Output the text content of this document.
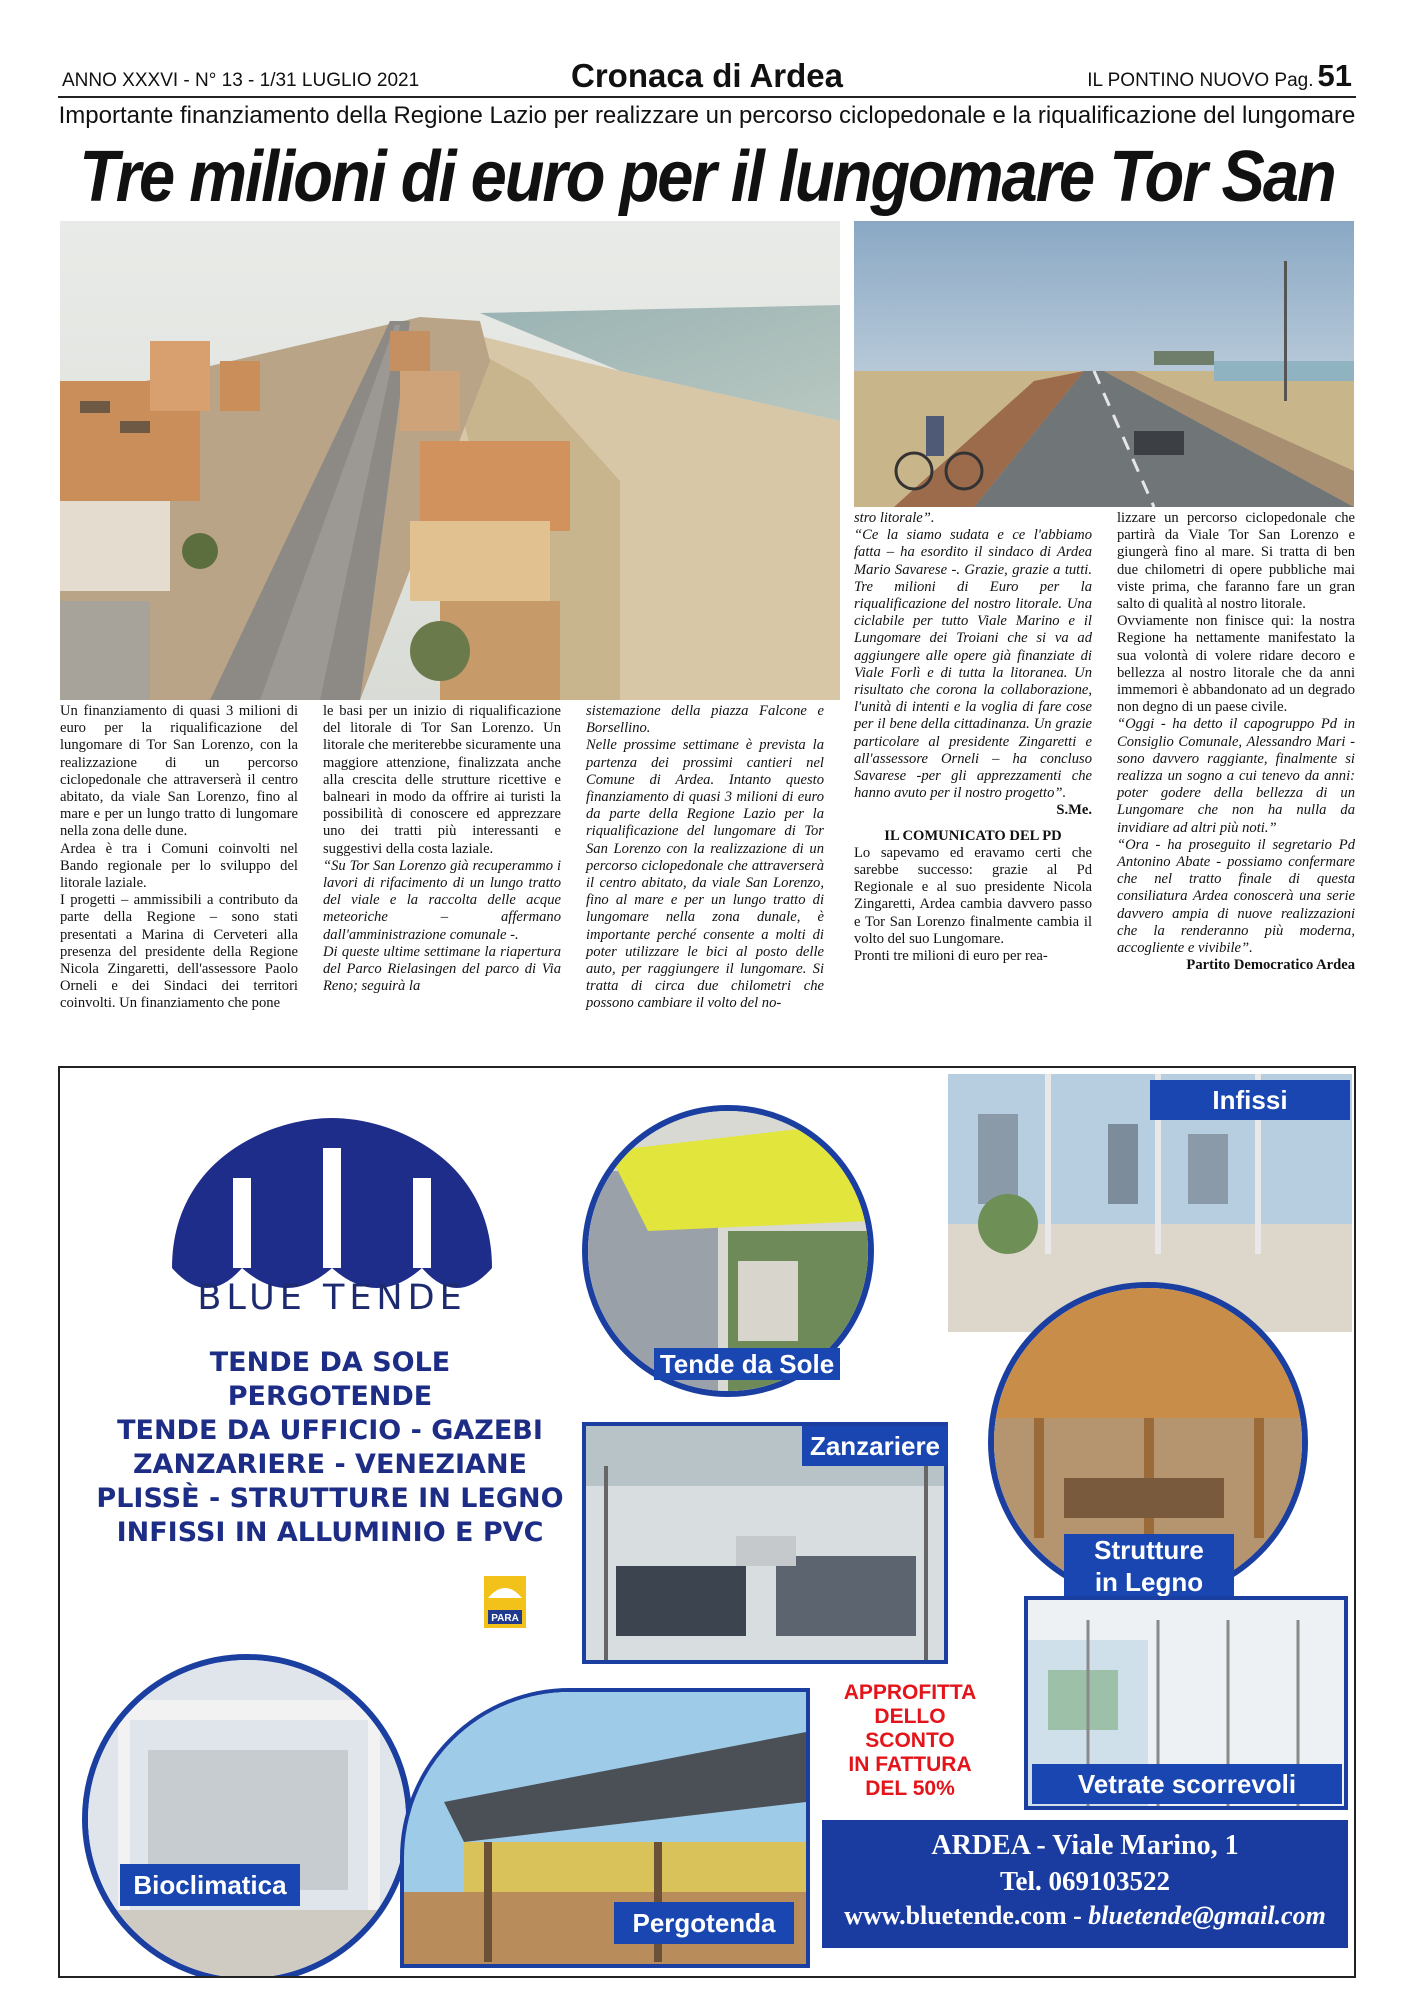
ANNO XXXVI - N° 13 - 1/31 LUGLIO 2021	Cronaca di Ardea	IL PONTINO NUOVO Pag. 51
Importante finanziamento della Regione Lazio per realizzare un percorso ciclopedonale e la riqualificazione del lungomare
Tre milioni di euro per il lungomare Tor San

Un finanziamento di quasi 3 milioni di euro per la riqualificazione del lungomare di Tor San Lorenzo, con la realizzazione di un percorso ciclopedonale che attraverserà il centro abitato, da viale San Lorenzo, fino al mare e per un lungo tratto di lungomare nella zona delle dune.

Ardea è tra i Comuni coinvolti nel Bando regionale per lo sviluppo del litorale laziale.

I progetti – ammissibili a contributo da parte della Regione – sono stati presentati a Marina di Cerveteri alla presenza del presidente della Regione Nicola Zingaretti, dell'assessore Paolo Orneli e dei Sindaci dei territori coinvolti. Un finanziamento che pone

le basi per un inizio di riqualificazione del litorale di Tor San Lorenzo. Un litorale che meriterebbe sicuramente una maggiore attenzione, finalizzata anche alla crescita delle strutture ricettive e balneari in modo da offrire ai turisti la possibilità di conoscere ed apprezzare uno dei tratti più interessanti e suggestivi della costa laziale.

“Su Tor San Lorenzo già recuperammo i lavori di rifacimento di un lungo tratto del viale e la raccolta delle acque meteoriche – affermano dall'amministrazione comunale -.

Di queste ultime settimane la riapertura del Parco Rielasingen del parco di Via Reno; seguirà la

sistemazione della piazza Falcone e Borsellino.

Nelle prossime settimane è prevista la partenza dei prossimi cantieri nel Comune di Ardea. Intanto questo finanziamento di quasi 3 milioni di euro da parte della Regione Lazio per la riqualificazione del lungomare di Tor San Lorenzo con la realizzazione di un percorso ciclopedonale che attraverserà il centro abitato, da viale San Lorenzo, fino al mare e per un lungo tratto di lungomare nella zona dunale, è importante perché consente a molti di poter utilizzare le bici al posto delle auto, per raggiungere il lungomare. Si tratta di circa due chilometri che possono cambiare il volto del no-

stro litorale”.

“Ce la siamo sudata e ce l'abbiamo fatta – ha esordito il sindaco di Ardea Mario Savarese -. Grazie, grazie a tutti. Tre milioni di Euro per la riqualificazione del nostro litorale. Una ciclabile per tutto Viale Marino e il Lungomare dei Troiani che si va ad aggiungere alle opere già finanziate di Viale Forlì e di tutta la litoranea. Un risultato che corona la collaborazione, l'unità di intenti e la voglia di fare cose per il bene della cittadinanza. Un grazie particolare al presidente Zingaretti e all'assessore Orneli – ha concluso Savarese -per gli apprezzamenti che hanno avuto per il nostro progetto”.

S.Me.

IL COMUNICATO DEL PD

Lo sapevamo ed eravamo certi che sarebbe successo: grazie al Pd Regionale e al suo presidente Nicola Zingaretti, Ardea cambia davvero passo e Tor San Lorenzo finalmente cambia il volto del suo Lungomare.

Pronti tre milioni di euro per rea-

lizzare un percorso ciclopedonale che partirà da Viale Tor San Lorenzo e giungerà fino al mare. Si tratta di ben due chilometri di opere pubbliche mai viste prima, che faranno fare un gran salto di qualità al nostro litorale.

Ovviamente non finisce qui: la nostra Regione ha nettamente manifestato la sua volontà di volere ridare decoro e bellezza al nostro litorale che da anni immemori è abbandonato ad un degrado non degno di un paese civile.

“Oggi - ha detto il capogruppo Pd in Consiglio Comunale, Alessandro Mari - sono davvero raggiante, finalmente si realizza un sogno a cui tenevo da anni: poter godere della bellezza di un Lungomare che non ha nulla da invidiare ad altri più noti.”

“Ora - ha proseguito il segretario Pd Antonino Abate - possiamo confermare che nel tratto finale di questa consiliatura Ardea conoscerà una serie davvero ampia di nuove realizzazioni che la renderanno più moderna, accogliente e vivibile”.

Partito Democratico Ardea

BLUE TENDE
TENDE DA SOLE
PERGOTENDE
TENDE DA UFFICIO - GAZEBI
ZANZARIERE - VENEZIANE
PLISSÈ - STRUTTURE IN LEGNO
INFISSI IN ALLUMINIO E PVC
PARA
Tende da Sole
Infissi
Strutture
in Legno
Zanzariere
Vetrate scorrevoli
Bioclimatica
Pergotenda
APPROFITTA
DELLO
SCONTO
IN FATTURA
DEL 50%
ARDEA - Viale Marino, 1
Tel. 069103522
www.bluetende.com - bluetende@gmail.com
